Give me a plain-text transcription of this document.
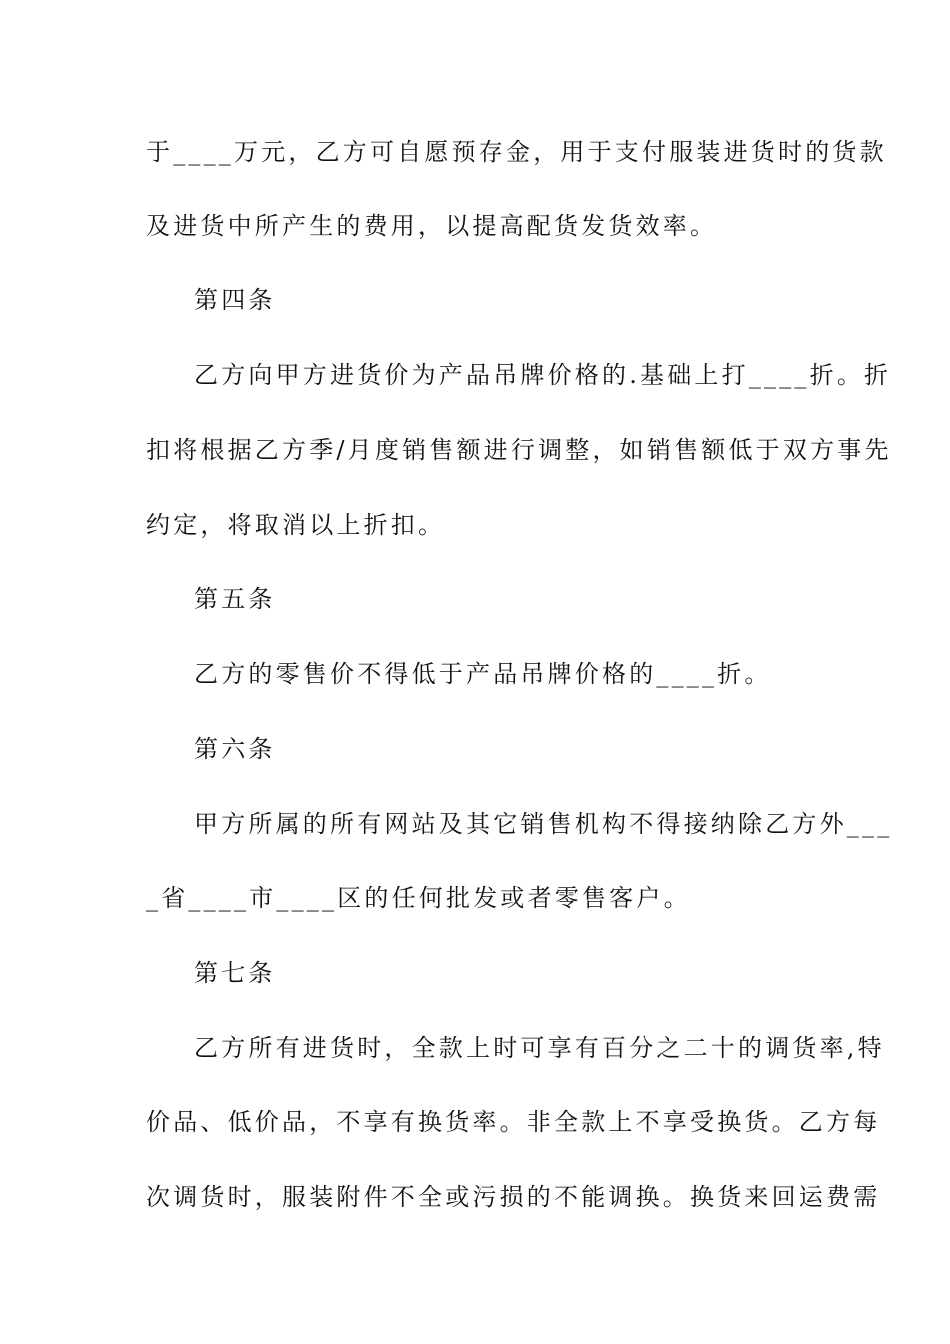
于____万元，乙方可自愿预存金，用于支付服装进货时的货款
及进货中所产生的费用，以提高配货发货效率。
第四条
乙方向甲方进货价为产品吊牌价格的.基础上打____折。折
扣将根据乙方季/月度销售额进行调整，如销售额低于双方事先
约定，将取消以上折扣。
第五条
乙方的零售价不得低于产品吊牌价格的____折。
第六条
甲方所属的所有网站及其它销售机构不得接纳除乙方外___
_省____市____区的任何批发或者零售客户。
第七条
乙方所有进货时，全款上时可享有百分之二十的调货率,特
价品、低价品，不享有换货率。非全款上不享受换货。乙方每
次调货时，服装附件不全或污损的不能调换。换货来回运费需
